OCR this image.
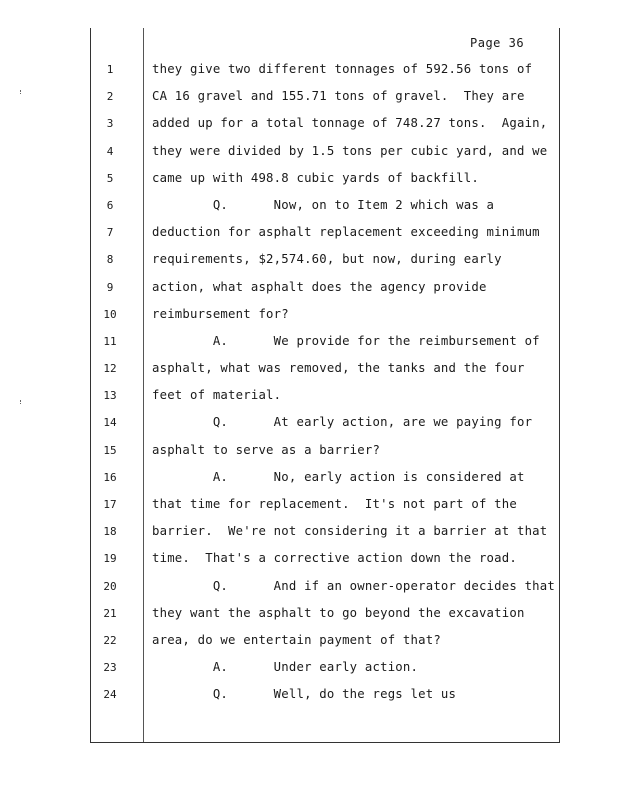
Page 36
1	they give two different tonnages of 592.56 tons of
2	CA 16 gravel and 155.71 tons of gravel.  They are
3	added up for a total tonnage of 748.27 tons.  Again,
4	they were divided by 1.5 tons per cubic yard, and we
5	came up with 498.8 cubic yards of backfill.
6	Q.      Now, on to Item 2 which was a
7	deduction for asphalt replacement exceeding minimum
8	requirements, $2,574.60, but now, during early
9	action, what asphalt does the agency provide
10	reimbursement for?
11	A.      We provide for the reimbursement of
12	asphalt, what was removed, the tanks and the four
13	feet of material.
14	Q.      At early action, are we paying for
15	asphalt to serve as a barrier?
16	A.      No, early action is considered at
17	that time for replacement.  It's not part of the
18	barrier.  We're not considering it a barrier at that
19	time.  That's a corrective action down the road.
20	Q.      And if an owner-operator decides that
21	they want the asphalt to go beyond the excavation
22	area, do we entertain payment of that?
23	A.      Under early action.
24	Q.      Well, do the regs let us
